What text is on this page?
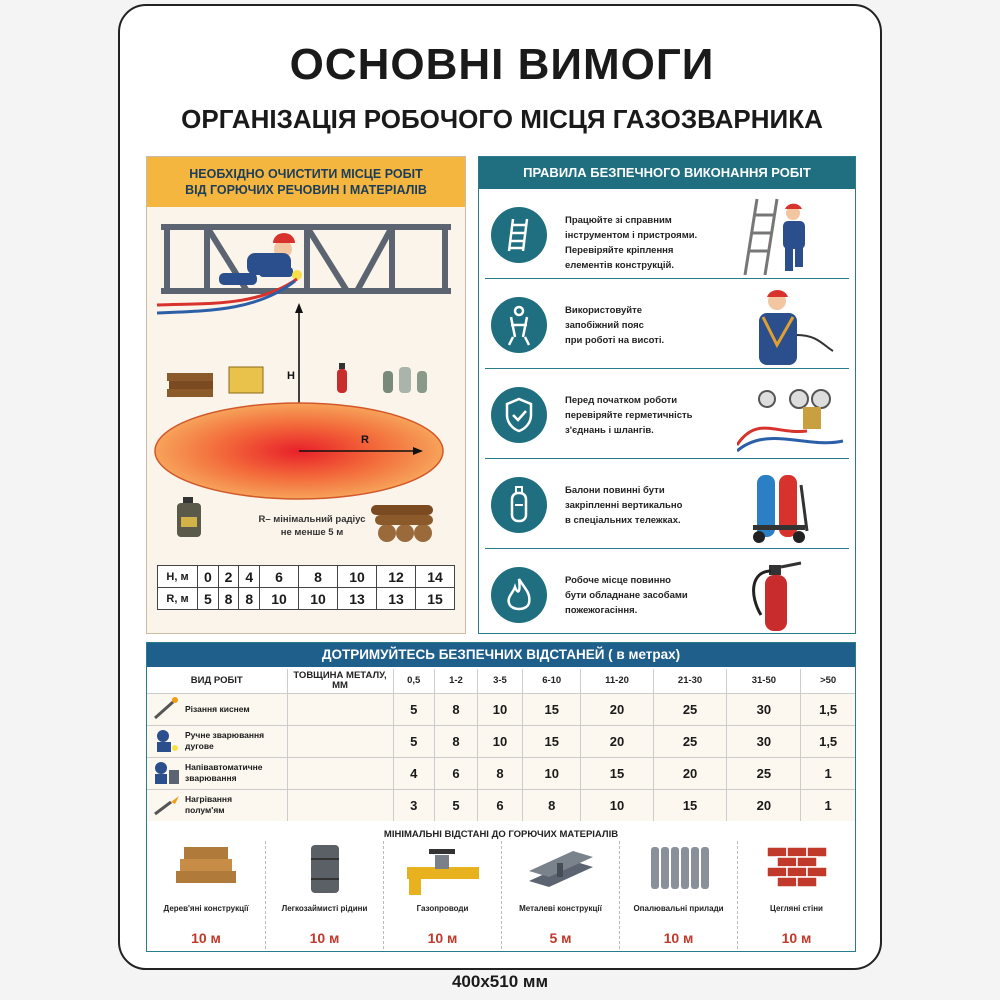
ОСНОВНІ ВИМОГИ
ОРГАНІЗАЦІЯ РОБОЧОГО МІСЦЯ ГАЗОЗВАРНИКА
НЕОБХІДНО ОЧИСТИТИ МІСЦЕ РОБІТ
ВІД ГОРЮЧИХ РЕЧОВИН І МАТЕРІАЛІВ
H
R
R– мінімальний радіус
не менше 5 м
H, м	0	2	4	6	8	10	12	14
R, м	5	8	8	10	10	13	13	15
ПРАВИЛА БЕЗПЕЧНОГО ВИКОНАННЯ РОБІТ
Працюйте зі справним
інструментом і пристроями.
Перевіряйте кріплення
елементів конструкцій.
Використовуйте
запобіжний пояс
при роботі на висоті.
Перед початком роботи
перевіряйте герметичність
з'єднань і шлангів.
Балони повинні бути
закріпленні вертикально
в спеціальних тележках.
Робоче місце повинно
бути обладнане засобами
пожежогасіння.
ДОТРИМУЙТЕСЬ БЕЗПЕЧНИХ ВІДСТАНЕЙ ( в метрах)
ВИД РОБІТ	ТОВЩИНА МЕТАЛУ, ММ	0,5	1-2	3-5	6-10	11-20	21-30	31-50	>50
Різання киснем		5	8	10	15	20	25	30	1,5
Ручне зварювання дугове		5	8	10	15	20	25	30	1,5
Напівавтоматичне зварювання		4	6	8	10	15	20	25	1
Нагрівання полум'ям		3	5	6	8	10	15	20	1
МІНІМАЛЬНІ ВІДСТАНІ ДО ГОРЮЧИХ МАТЕРІАЛІВ
Дерев'яні конструкції
10 м
Легкозаймисті рідини
10 м
Газопроводи
10 м
Металеві конструкції
5 м
Опалювальні прилади
10 м
Цегляні стіни
10 м
400x510 мм
